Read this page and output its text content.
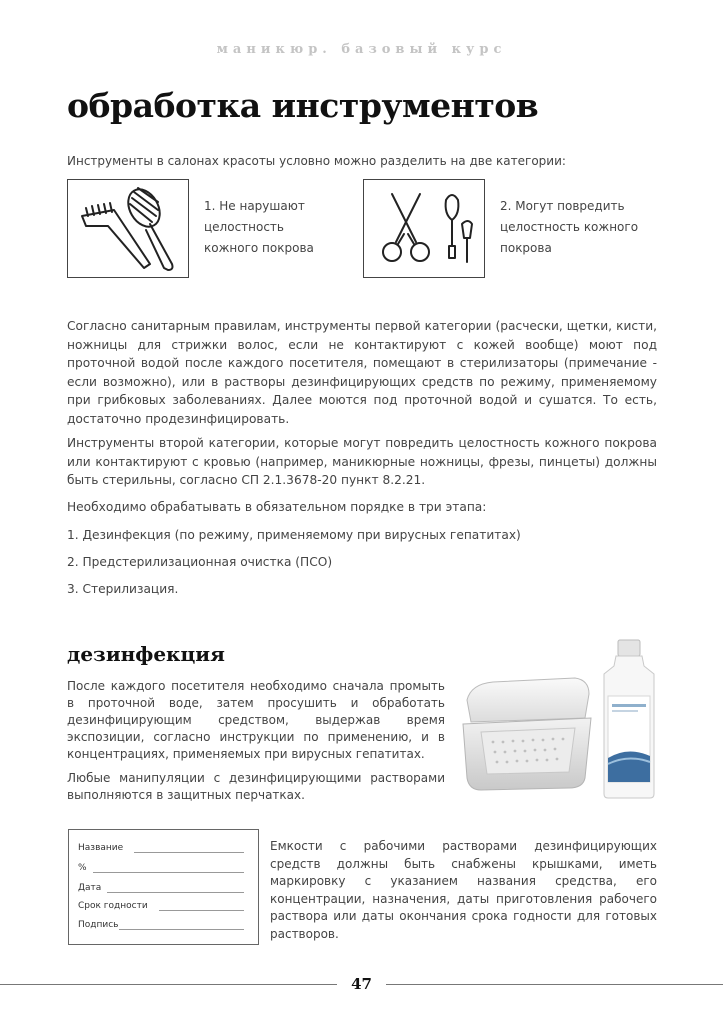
маникюр. базовый курс
обработка инструментов
Инструменты в салонах красоты условно можно разделить на две категории:
1. Не нарушают
целостность
кожного покрова
2. Могут повредить
целостность кожного
покрова
Согласно санитарным правилам, инструменты первой категории (расчески, щетки, кисти, ножницы для стрижки волос, если не контактируют с кожей вообще) моют под проточной водой после каждого посетителя, помещают в стерилизаторы (примечание - если возможно), или в растворы дезинфицирующих средств по режиму, применяемому при грибковых заболеваниях. Далее моются под проточной водой и сушатся. То есть, достаточно продезинфицировать.
Инструменты второй категории, которые могут повредить целостность кожного покрова или контактируют с кровью (например, маникюрные ножницы, фрезы, пинцеты) должны быть стерильны, согласно СП 2.1.3678-20 пункт 8.2.21.
Необходимо обрабатывать в обязательном порядке в три этапа:
1. Дезинфекция (по режиму, применяемому при вирусных гепатитах)
2. Предстерилизационная очистка (ПСО)
3. Стерилизация.
дезинфекция
После каждого посетителя необходимо сначала промыть в проточной воде, затем просушить и обработать дезинфицирующим средством, выдержав время экспозиции, согласно инструкции по применению, и в концентрациях, применяемых при вирусных гепатитах.
Любые манипуляции с дезинфицирующими растворами выполняются в защитных перчатках.
Название
%
Дата
Срок годности
Подпись
Емкости с рабочими растворами дезинфицирующих средств должны быть снабжены крышками, иметь маркировку с указанием названия средства, его концентрации, назначения, даты приготовления рабочего раствора или даты окончания срока годности для готовых растворов.
47
